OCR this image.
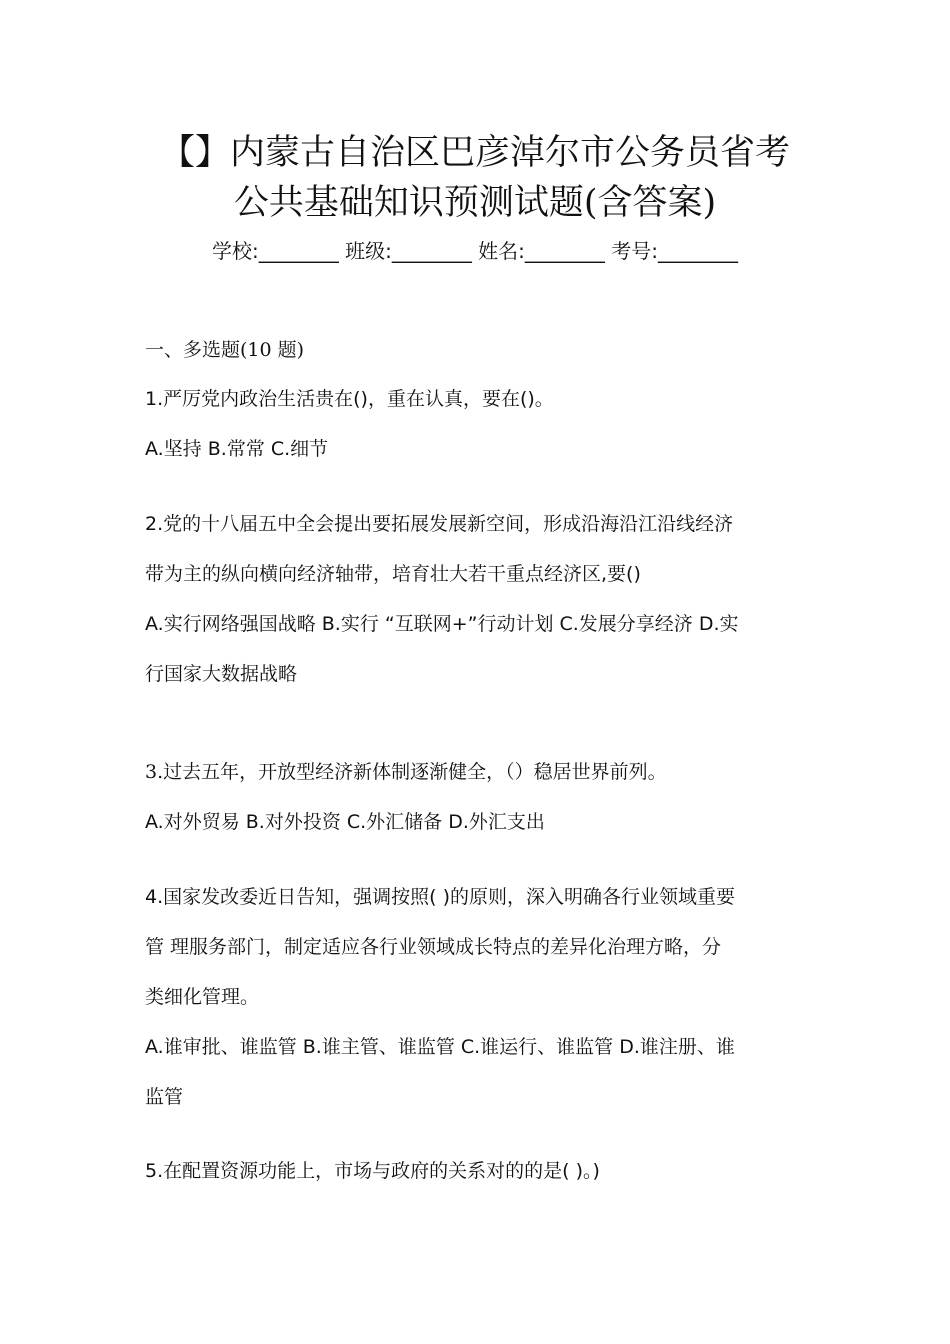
【】内蒙古自治区巴彦淖尔市公务员省考
公共基础知识预测试题(含答案)
学校:________ 班级:________ 姓名:________ 考号:________
一、多选题(10 题)
1.严厉党内政治生活贵在()，重在认真，要在()。
A.坚持 B.常常 C.细节
2.党的十八届五中全会提出要拓展发展新空间，形成沿海沿江沿线经济
带为主的纵向横向经济轴带，培育壮大若干重点经济区,要()
A.实行网络强国战略 B.实行 “互联网+”行动计划 C.发展分享经济 D.实
行国家大数据战略
3.过去五年，开放型经济新体制逐渐健全，（）稳居世界前列。
A.对外贸易 B.对外投资 C.外汇储备 D.外汇支出
4.国家发改委近日告知，强调按照( )的原则，深入明确各行业领域重要
管 理服务部门，制定适应各行业领域成长特点的差异化治理方略，分
类细化管理。
A.谁审批、谁监管 B.谁主管、谁监管 C.谁运行、谁监管 D.谁注册、谁
监管
5.在配置资源功能上，市场与政府的关系对的的是( )。)
